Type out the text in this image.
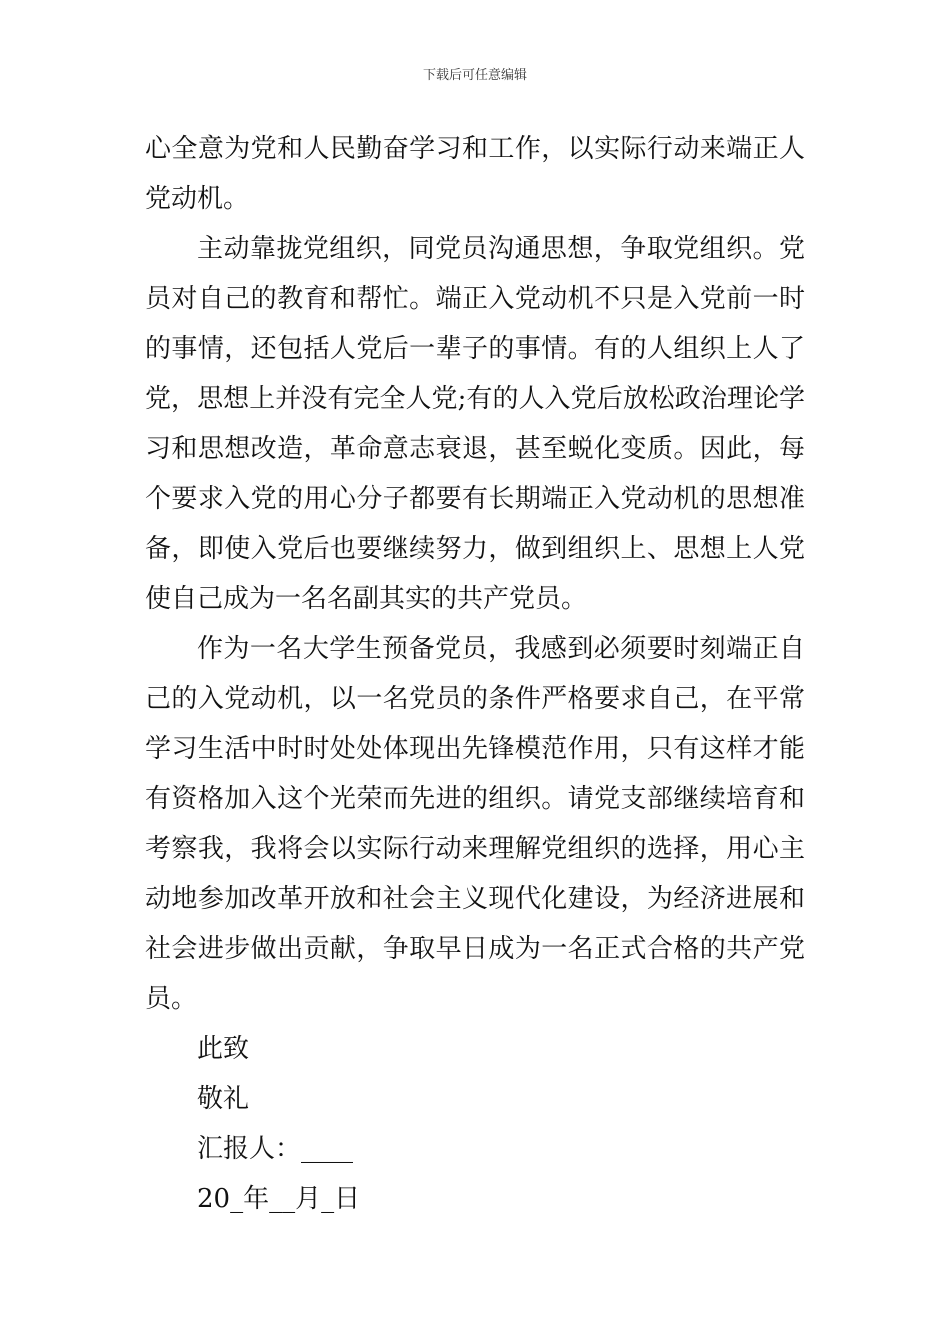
下载后可任意编辑
心全意为党和人民勤奋学习和工作，以实际行动来端正人
党动机。
主动靠拢党组织，同党员沟通思想，争取党组织。党
员对自己的教育和帮忙。端正入党动机不只是入党前一时
的事情，还包括人党后一辈子的事情。有的人组织上人了
党，思想上并没有完全人党;有的人入党后放松政治理论学
习和思想改造，革命意志衰退，甚至蜕化变质。因此，每
个要求入党的用心分子都要有长期端正入党动机的思想准
备，即使入党后也要继续努力，做到组织上、思想上人党
使自己成为一名名副其实的共产党员。
作为一名大学生预备党员，我感到必须要时刻端正自
己的入党动机，以一名党员的条件严格要求自己，在平常
学习生活中时时处处体现出先锋模范作用，只有这样才能
有资格加入这个光荣而先进的组织。请党支部继续培育和
考察我，我将会以实际行动来理解党组织的选择，用心主
动地参加改革开放和社会主义现代化建设，为经济进展和
社会进步做出贡献，争取早日成为一名正式合格的共产党
员。
此致
敬礼
汇报人：____
20_年__月_日
